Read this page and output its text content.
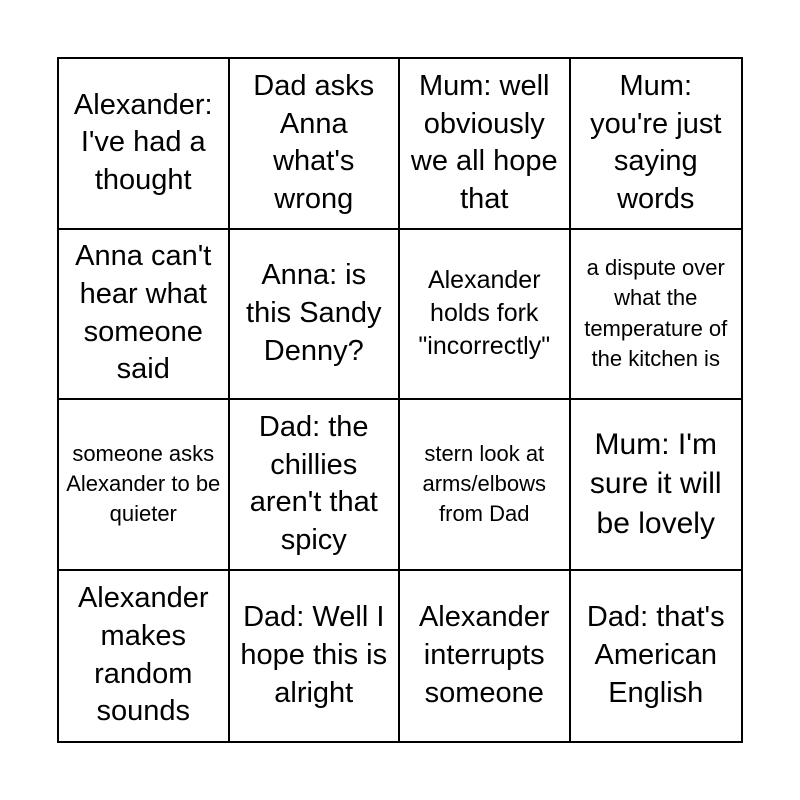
Alexander: I've had a thought
Dad asks Anna what's wrong
Mum: well obviously we all hope that
Mum: you're just saying words
Anna can't hear what someone said
Anna: is this Sandy Denny?
Alexander holds fork "incorrectly"
a dispute over what the temperature of the kitchen is
someone asks Alexander to be quieter
Dad: the chillies aren't that spicy
stern look at arms/elbows from Dad
Mum: I'm sure it will be lovely
Alexander makes random sounds
Dad: Well I hope this is alright
Alexander interrupts someone
Dad: that's American English
